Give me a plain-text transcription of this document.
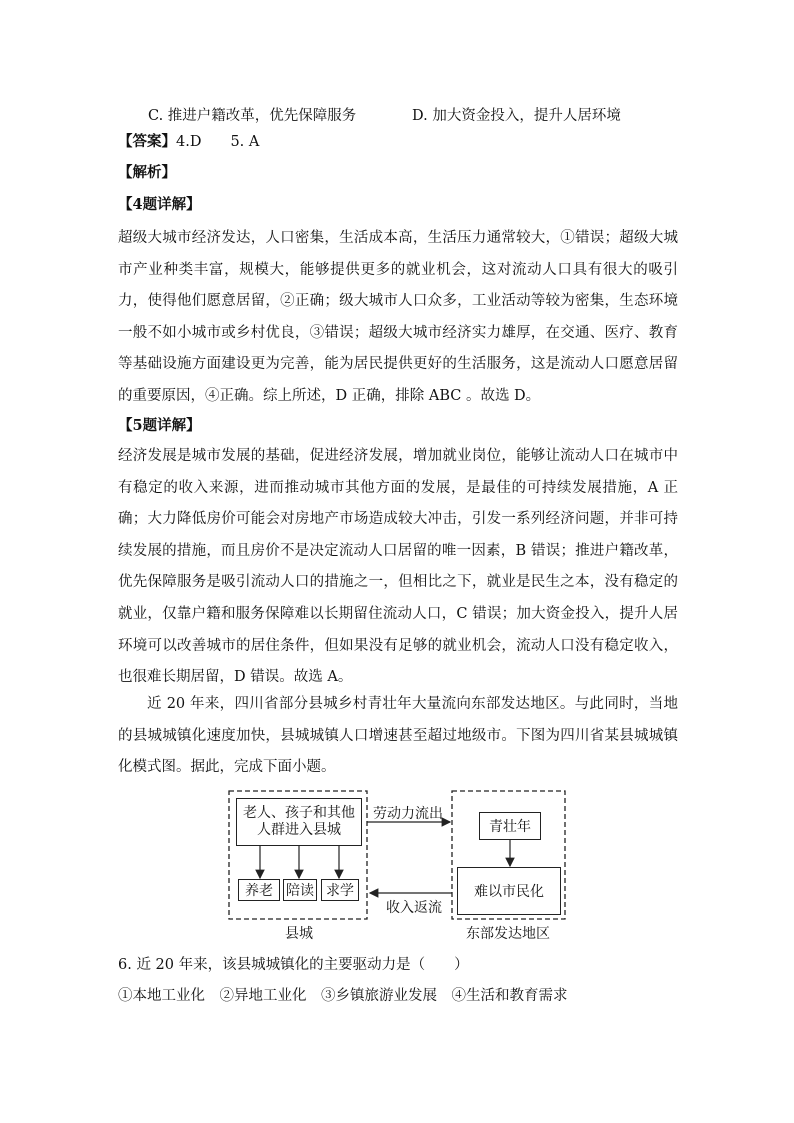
C. 推进户籍改革，优先保障服务	D. 加大资金投入，提升人居环境
【答案】4.D　　5. A
【解析】
【4题详解】

超级大城市经济发达，人口密集，生活成本高，生活压力通常较大，①错误；超级大城市产业种类丰富，规模大，能够提供更多的就业机会，这对流动人口具有很大的吸引力，使得他们愿意居留，②正确；级大城市人口众多，工业活动等较为密集，生态环境一般不如小城市或乡村优良，③错误；超级大城市经济实力雄厚，在交通、医疗、教育等基础设施方面建设更为完善，能为居民提供更好的生活服务，这是流动人口愿意居留的重要原因，④正确。综上所述，D 正确，排除 ABC 。故选 D。

【5题详解】

经济发展是城市发展的基础，促进经济发展，增加就业岗位，能够让流动人口在城市中有稳定的收入来源，进而推动城市其他方面的发展，是最佳的可持续发展措施，A 正确；大力降低房价可能会对房地产市场造成较大冲击，引发一系列经济问题，并非可持续发展的措施，而且房价不是决定流动人口居留的唯一因素，B 错误；推进户籍改革，优先保障服务是吸引流动人口的措施之一，但相比之下，就业是民生之本，没有稳定的就业，仅靠户籍和服务保障难以长期留住流动人口，C 错误；加大资金投入，提升人居环境可以改善城市的居住条件，但如果没有足够的就业机会，流动人口没有稳定收入，也很难长期居留，D 错误。故选 A。

近 20 年来，四川省部分县城乡村青壮年大量流向东部发达地区。与此同时，当地的县城城镇化速度加快，县城城镇人口增速甚至超过地级市。下图为四川省某县城城镇化模式图。据此，完成下面小题。

老人、孩子和其他人群进入县城
养老 陪读 求学
劳动力流出
收入返流
青壮年
难以市民化
县城	东部发达地区
6. 近 20 年来，该县城城镇化的主要驱动力是（　　）
①本地工业化　②异地工业化　③乡镇旅游业发展　④生活和教育需求
